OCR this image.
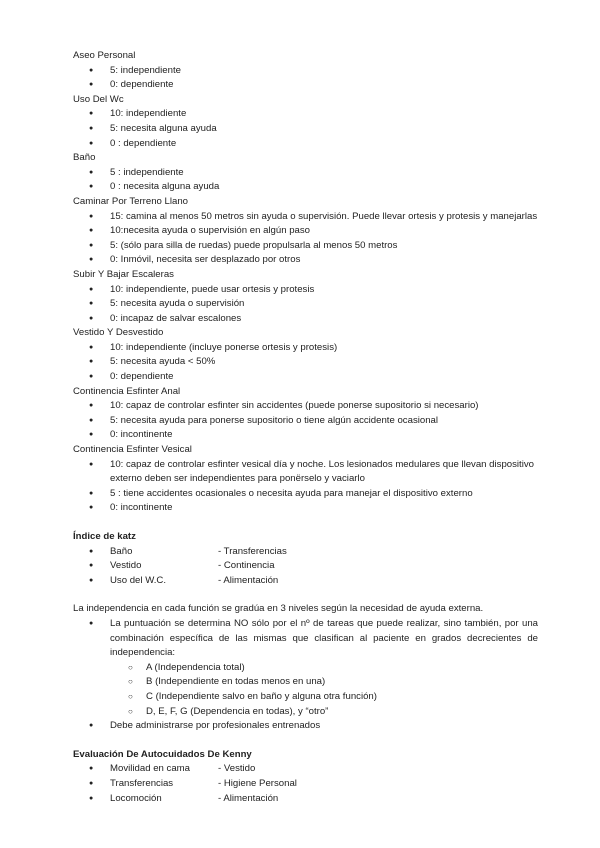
Aseo Personal

● 5: independiente
● 0: dependiente

Uso Del Wc

● 10: independiente
● 5: necesita alguna ayuda
● 0 : dependiente

Baño

● 5 : independiente
● 0 : necesita alguna ayuda

Caminar Por Terreno Llano

● 15: camina al menos 50 metros sin ayuda o supervisión. Puede llevar ortesis y protesis y manejarlas
● 10:necesita ayuda o supervisión en algún paso
● 5: (sólo para silla de ruedas) puede propulsarla al menos 50 metros
● 0: Inmóvil, necesita ser desplazado por otros

Subir Y Bajar Escaleras

● 10: independiente, puede usar ortesis y protesis
● 5: necesita ayuda o supervisión
● 0: incapaz de salvar escalones

Vestido Y Desvestido

● 10: independiente (incluye ponerse ortesis y protesis)
● 5: necesita ayuda < 50%
● 0: dependiente

Continencia Esfinter Anal

● 10: capaz de controlar esfinter sin accidentes (puede ponerse supositorio si necesario)
● 5: necesita ayuda para ponerse supositorio o tiene algún accidente ocasional
● 0: incontinente

Continencia Esfinter Vesical

● 10: capaz de controlar esfinter vesical día y noche. Los lesionados medulares que llevan dispositivo externo deben ser independientes para ponërselo y vaciarlo
● 5 : tiene accidentes ocasionales o necesita ayuda para manejar el dispositivo externo
● 0: incontinente

Índice de katz

● Baño	- Transferencias
● Vestido	- Continencia
● Uso del W.C.	- Alimentación

La independencia en cada función se gradúa en 3 niveles según la necesidad de ayuda externa.

● La puntuación se determina NO sólo por el nº de tareas que puede realizar, sino también, por una combinación específica de las mismas que clasifican al paciente en grados decrecientes de independencia:
○ A (Independencia total)
○ B (Independiente en todas menos en una)
○ C (Independiente salvo en baño y alguna otra función)
○ D, E, F, G (Dependencia en todas), y “otro”
● Debe administrarse por profesionales entrenados

Evaluación De Autocuidados De Kenny

● Movilidad en cama	- Vestido
● Transferencias	- Higiene Personal
● Locomoción	- Alimentación
